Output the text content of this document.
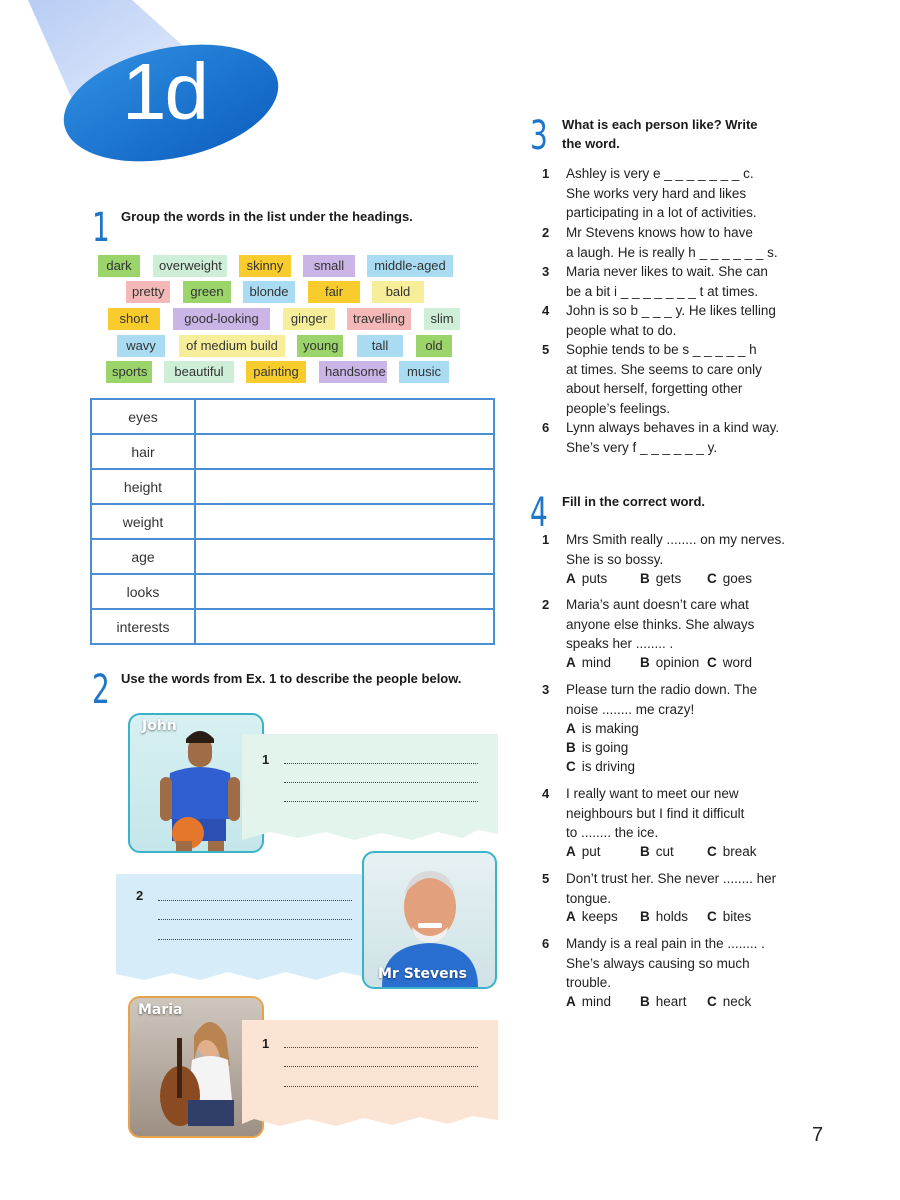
1d
1 Group the words in the list under the headings.
dark	overweight	skinny	small	middle-aged
pretty	green	blonde	fair	bald
short	good-looking	ginger	travelling	slim
wavy	of medium build	young	tall	old
sports	beautiful	painting	handsome	music
eyes	
hair	
height	
weight	
age	
looks	
interests	
2 Use the words from Ex. 1 to describe the people below.
John
1
2
Mr Stevens
Maria
1
3 What is each person like? Write the word.
1 Ashley is very e _ _ _ _ _ _ _ c.
She works very hard and likes
participating in a lot of activities.
2 Mr Stevens knows how to have
a laugh. He is really h _ _ _ _ _ _ s.
3 Maria never likes to wait. She can
be a bit i _ _ _ _ _ _ _ t at times.
4 John is so b _ _ _ y. He likes telling
people what to do.
5 Sophie tends to be s _ _ _ _ _ h
at times. She seems to care only
about herself, forgetting other
people’s feelings.
6 Lynn always behaves in a kind way.
She’s very f _ _ _ _ _ _ y.
4 Fill in the correct word.
1 Mrs Smith really ........ on my nerves.
She is so bossy.
A puts B gets C goes
2 Maria’s aunt doesn’t care what
anyone else thinks. She always
speaks her ........ .
A mind B opinion C word
3 Please turn the radio down. The
noise ........ me crazy!
A is making
B is going
C is driving
4 I really want to meet our new
neighbours but I find it difficult
to ........ the ice.
A put	B cut C break
5 Don’t trust her. She never ........ her
tongue.
A keeps B holds C bites
6 Mandy is a real pain in the ........ .
She’s always causing so much
trouble.
A mind B heart C neck
7
